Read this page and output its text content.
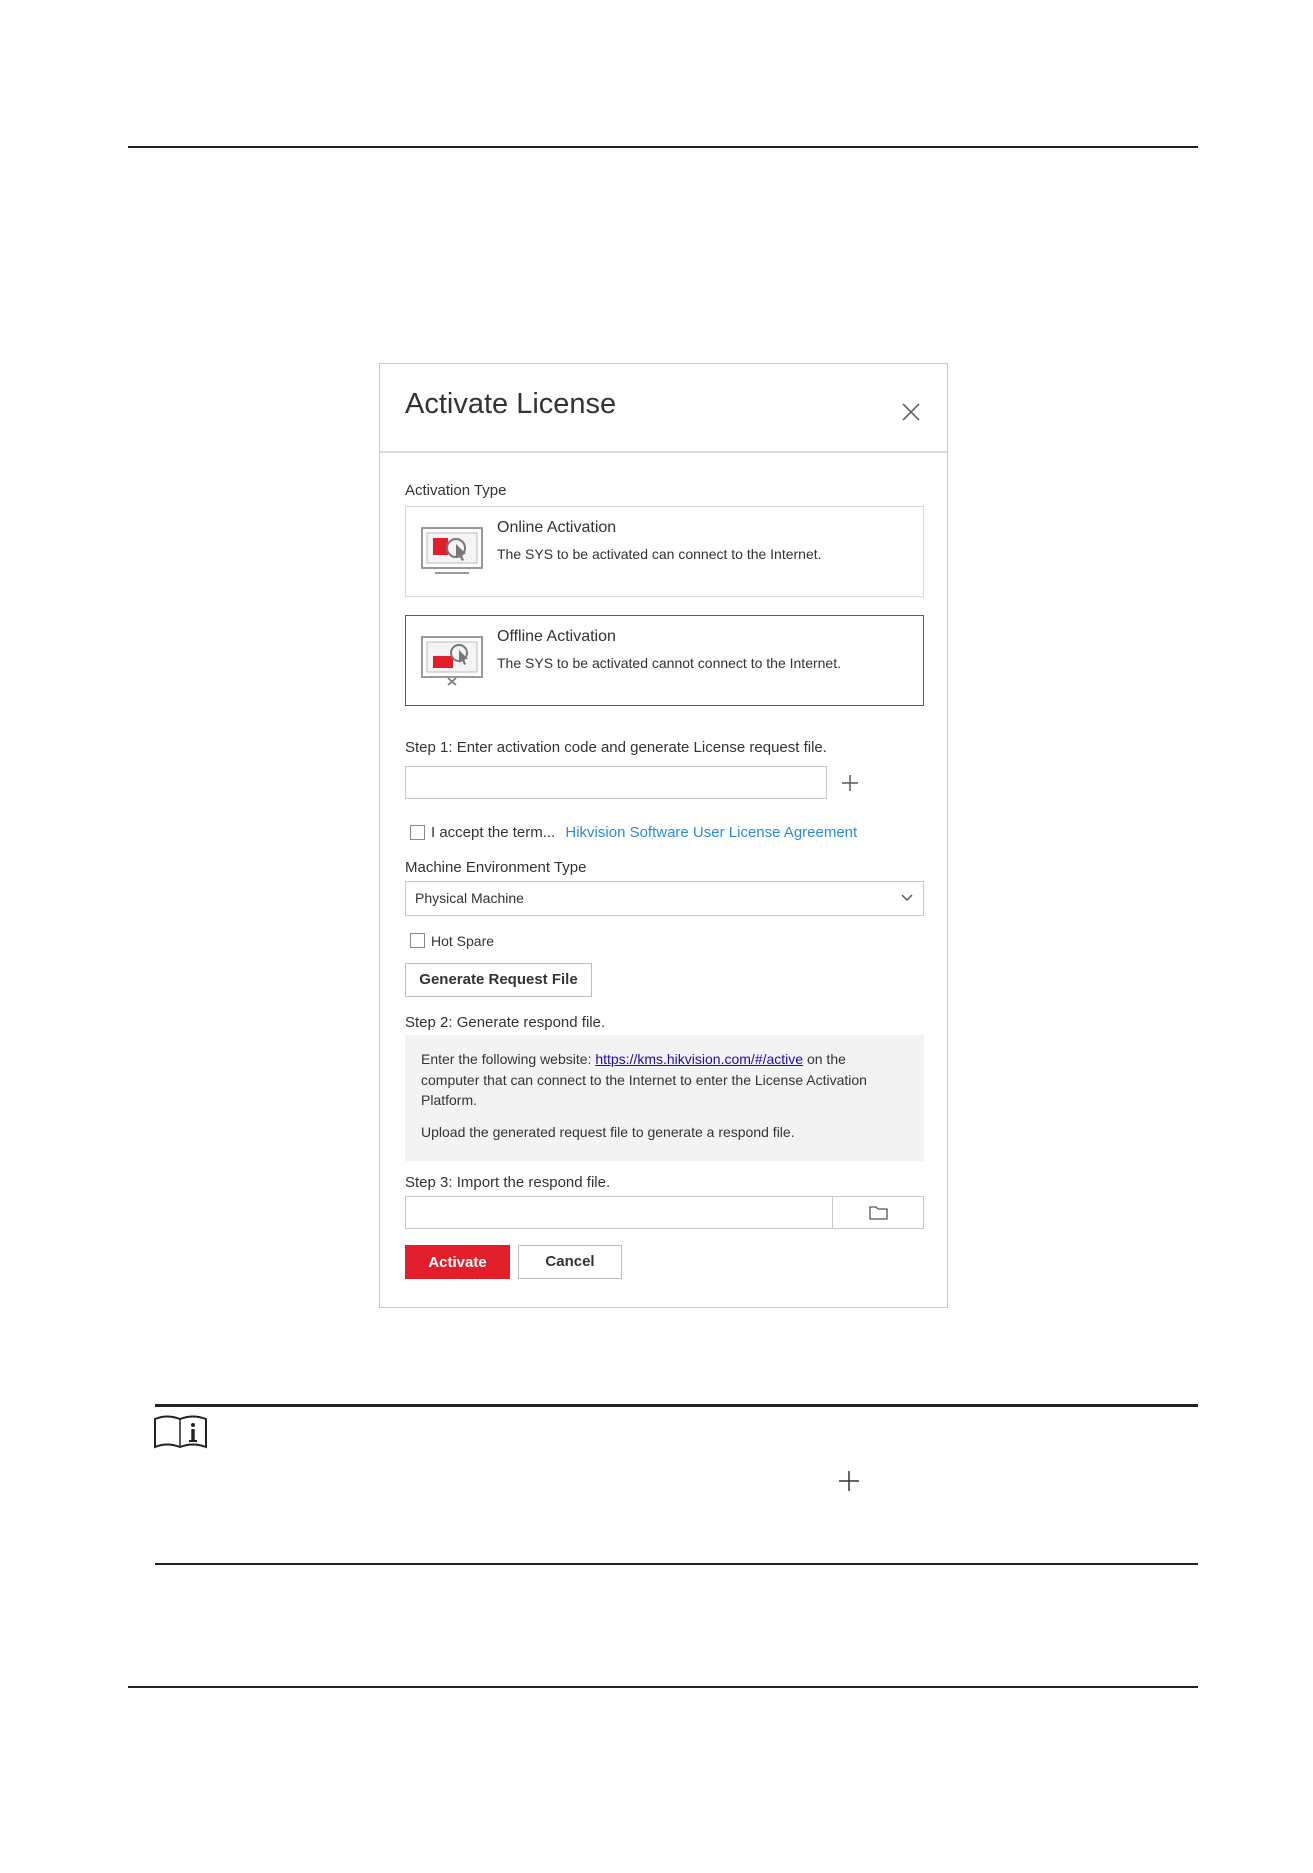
Activate License
Activation Type
Online Activation
The SYS to be activated can connect to the Internet.
Offline Activation
The SYS to be activated cannot connect to the Internet.
Step 1: Enter activation code and generate License request file.
I accept the term... Hikvision Software User License Agreement
Machine Environment Type
Physical Machine
Hot Spare
Generate Request File
Step 2: Generate respond file.

Enter the following website: https://kms.hikvision.com/#/active on the computer that can connect to the Internet to enter the License Activation Platform.

Upload the generated request file to generate a respond file.

Step 3: Import the respond file.
Activate	Cancel
